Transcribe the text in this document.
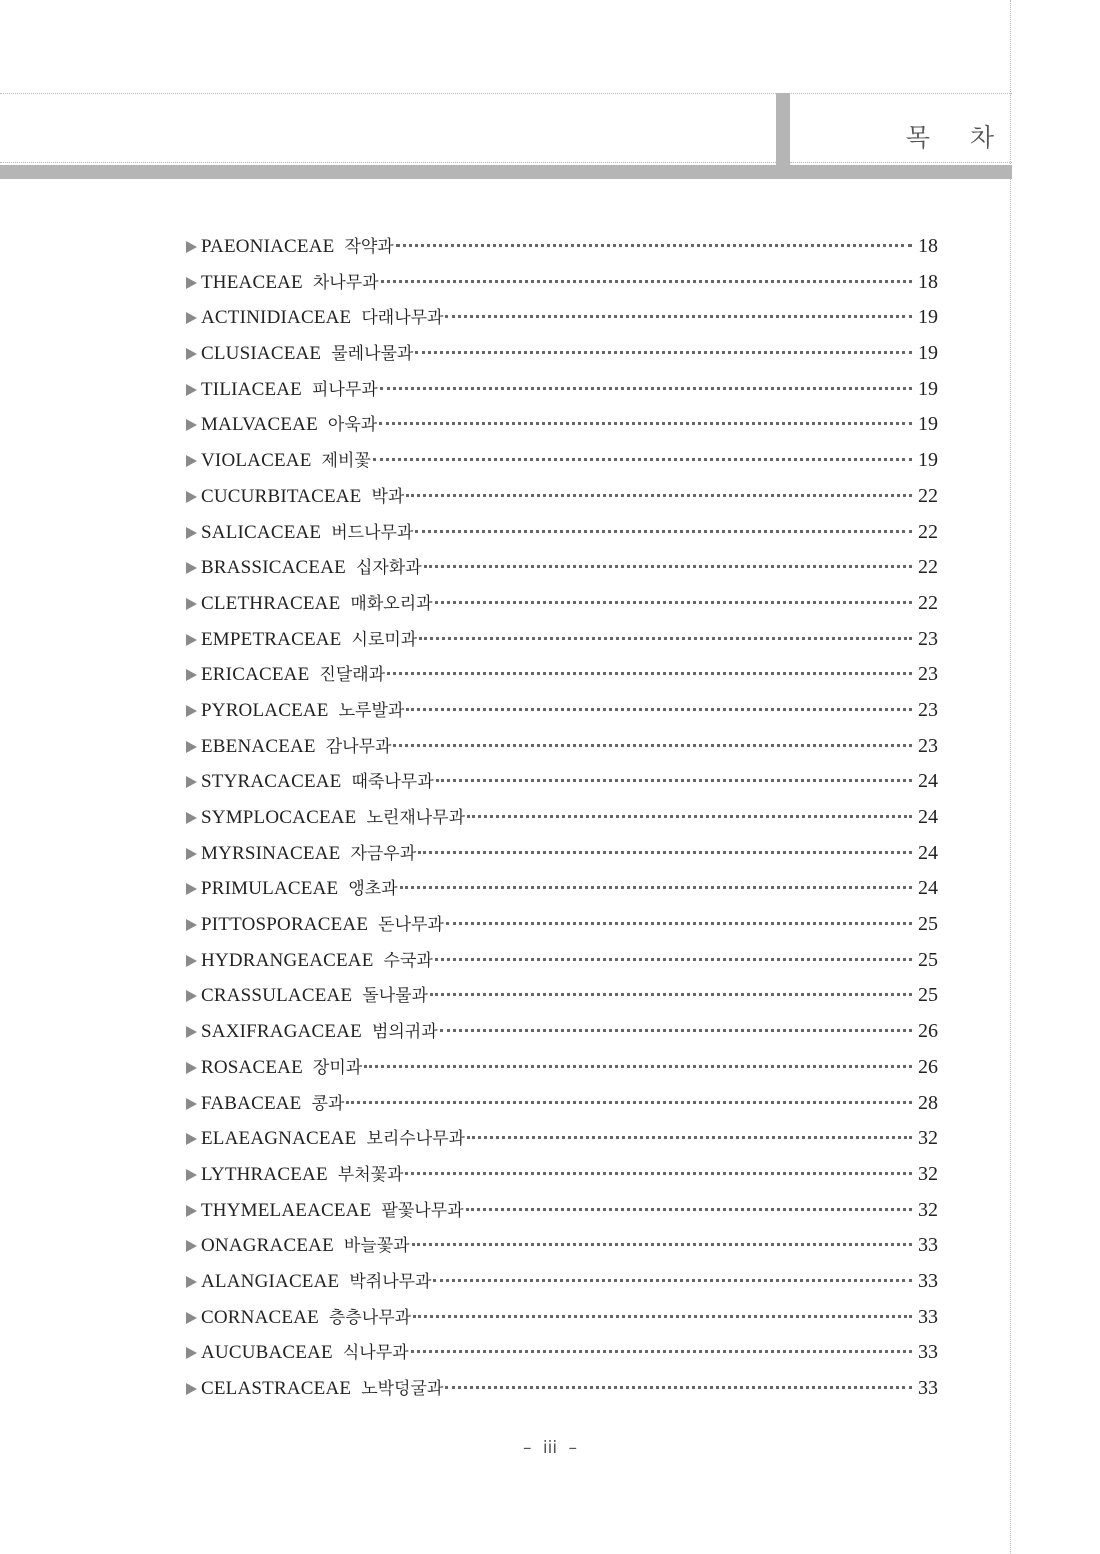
목 차
PAEONIACEAE 작약과	18
THEACEAE 차나무과	18
ACTINIDIACEAE 다래나무과	19
CLUSIACEAE 물레나물과	19
TILIACEAE 피나무과	19
MALVACEAE 아욱과	19
VIOLACEAE 제비꽃	19
CUCURBITACEAE 박과	22
SALICACEAE 버드나무과	22
BRASSICACEAE 십자화과	22
CLETHRACEAE 매화오리과	22
EMPETRACEAE 시로미과	23
ERICACEAE 진달래과	23
PYROLACEAE 노루발과	23
EBENACEAE 감나무과	23
STYRACACEAE 때죽나무과	24
SYMPLOCACEAE 노린재나무과	24
MYRSINACEAE 자금우과	24
PRIMULACEAE 앵초과	24
PITTOSPORACEAE 돈나무과	25
HYDRANGEACEAE 수국과	25
CRASSULACEAE 돌나물과	25
SAXIFRAGACEAE 범의귀과	26
ROSACEAE 장미과	26
FABACEAE 콩과	28
ELAEAGNACEAE 보리수나무과	32
LYTHRACEAE 부처꽃과	32
THYMELAEACEAE 팥꽃나무과	32
ONAGRACEAE 바늘꽃과	33
ALANGIACEAE 박쥐나무과	33
CORNACEAE 층층나무과	33
AUCUBACEAE 식나무과	33
CELASTRACEAE 노박덩굴과	33
– iii –
